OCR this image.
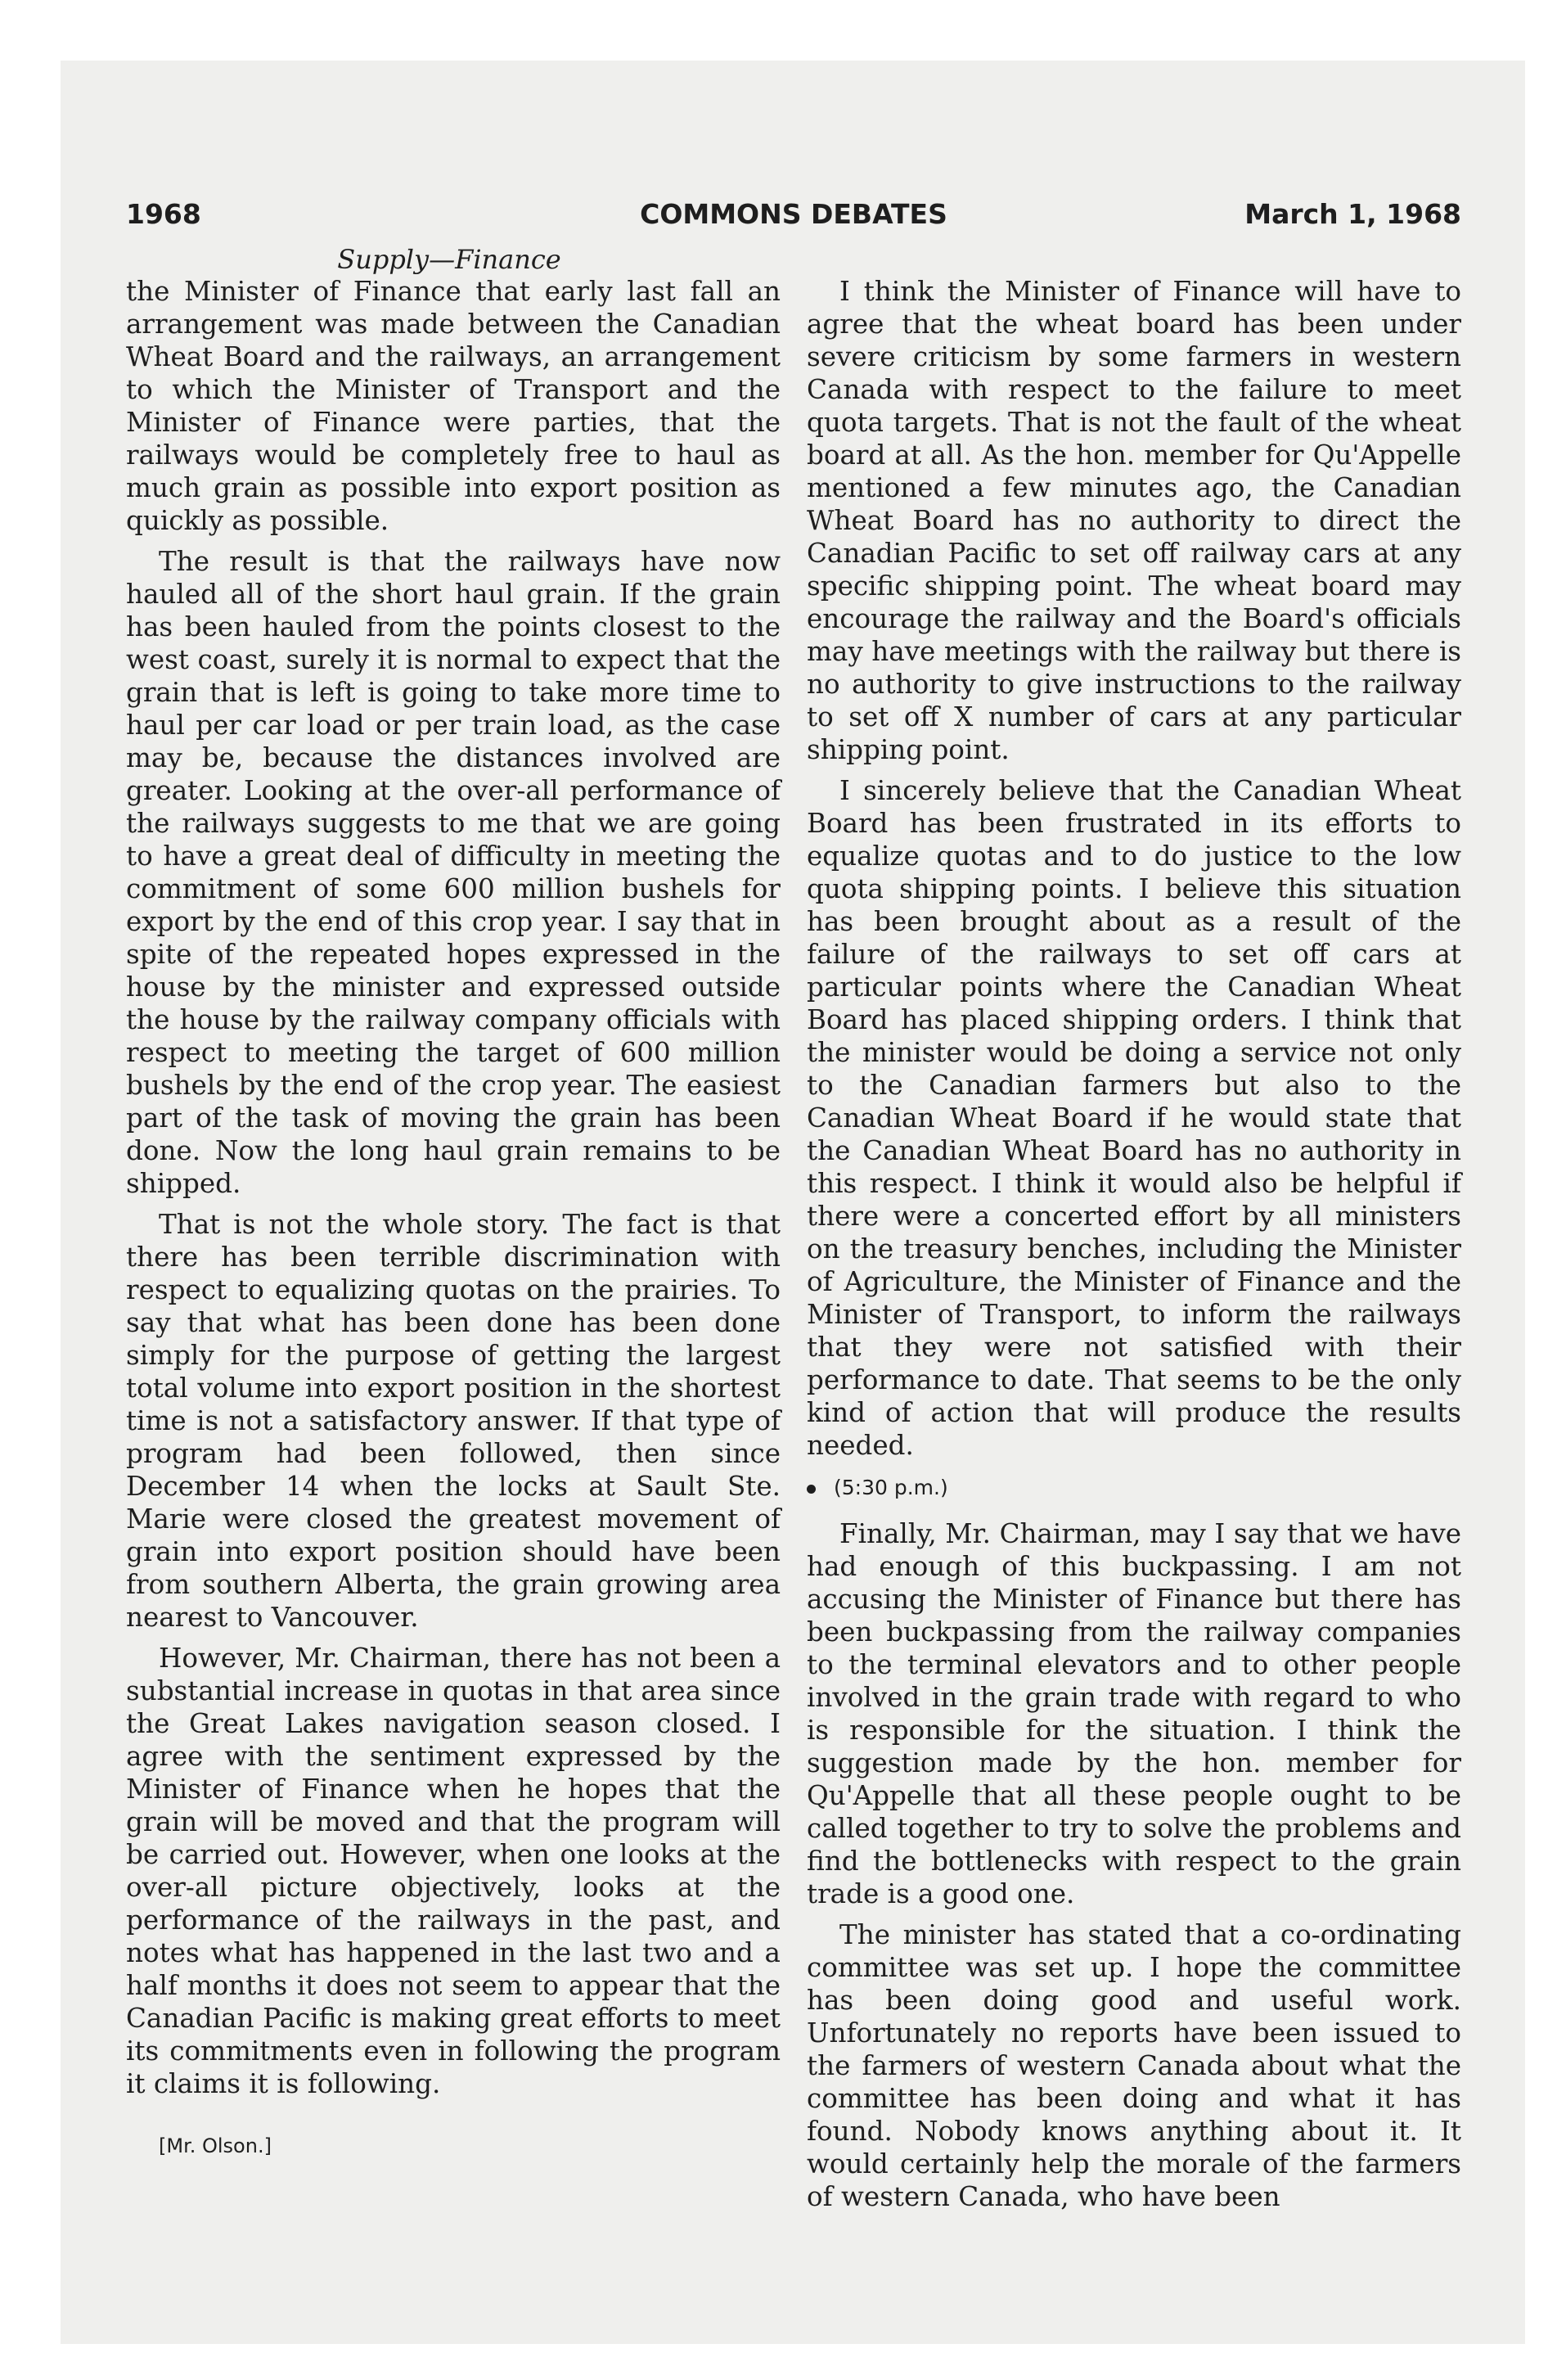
1968	COMMONS DEBATES	March 1, 1968
Supply—Finance

the Minister of Finance that early last fall an arrangement was made between the Canadian Wheat Board and the railways, an arrangement to which the Minister of Transport and the Minister of Finance were parties, that the railways would be completely free to haul as much grain as possible into export position as quickly as possible.

The result is that the railways have now hauled all of the short haul grain. If the grain has been hauled from the points closest to the west coast, surely it is normal to expect that the grain that is left is going to take more time to haul per car load or per train load, as the case may be, because the distances involved are greater. Looking at the over-all performance of the railways suggests to me that we are going to have a great deal of difficulty in meeting the commitment of some 600 million bushels for export by the end of this crop year. I say that in spite of the repeated hopes expressed in the house by the minister and expressed outside the house by the railway company officials with respect to meeting the target of 600 million bushels by the end of the crop year. The easiest part of the task of moving the grain has been done. Now the long haul grain remains to be shipped.

That is not the whole story. The fact is that there has been terrible discrimination with respect to equalizing quotas on the prairies. To say that what has been done has been done simply for the purpose of getting the largest total volume into export position in the shortest time is not a satisfactory answer. If that type of program had been followed, then since December 14 when the locks at Sault Ste. Marie were closed the greatest movement of grain into export position should have been from southern Alberta, the grain growing area nearest to Vancouver.

However, Mr. Chairman, there has not been a substantial increase in quotas in that area since the Great Lakes navigation season closed. I agree with the sentiment expressed by the Minister of Finance when he hopes that the grain will be moved and that the program will be carried out. However, when one looks at the over-all picture objectively, looks at the performance of the railways in the past, and notes what has happened in the last two and a half months it does not seem to appear that the Canadian Pacific is making great efforts to meet its commitments even in following the program it claims it is following.

I think the Minister of Finance will have to agree that the wheat board has been under severe criticism by some farmers in western Canada with respect to the failure to meet quota targets. That is not the fault of the wheat board at all. As the hon. member for Qu'Appelle mentioned a few minutes ago, the Canadian Wheat Board has no authority to direct the Canadian Pacific to set off railway cars at any specific shipping point. The wheat board may encourage the railway and the Board's officials may have meetings with the railway but there is no authority to give instructions to the railway to set off X number of cars at any particular shipping point.

I sincerely believe that the Canadian Wheat Board has been frustrated in its efforts to equalize quotas and to do justice to the low quota shipping points. I believe this situation has been brought about as a result of the failure of the railways to set off cars at particular points where the Canadian Wheat Board has placed shipping orders. I think that the minister would be doing a service not only to the Canadian farmers but also to the Canadian Wheat Board if he would state that the Canadian Wheat Board has no authority in this respect. I think it would also be helpful if there were a concerted effort by all ministers on the treasury benches, including the Minister of Agriculture, the Minister of Finance and the Minister of Transport, to inform the railways that they were not satisfied with their performance to date. That seems to be the only kind of action that will produce the results needed.

(5:30 p.m.)

Finally, Mr. Chairman, may I say that we have had enough of this buckpassing. I am not accusing the Minister of Finance but there has been buckpassing from the railway companies to the terminal elevators and to other people involved in the grain trade with regard to who is responsible for the situation. I think the suggestion made by the hon. member for Qu'Appelle that all these people ought to be called together to try to solve the problems and find the bottlenecks with respect to the grain trade is a good one.

The minister has stated that a co-ordinating committee was set up. I hope the committee has been doing good and useful work. Unfortunately no reports have been issued to the farmers of western Canada about what the committee has been doing and what it has found. Nobody knows anything about it. It would certainly help the morale of the farmers of western Canada, who have been

[Mr. Olson.]
